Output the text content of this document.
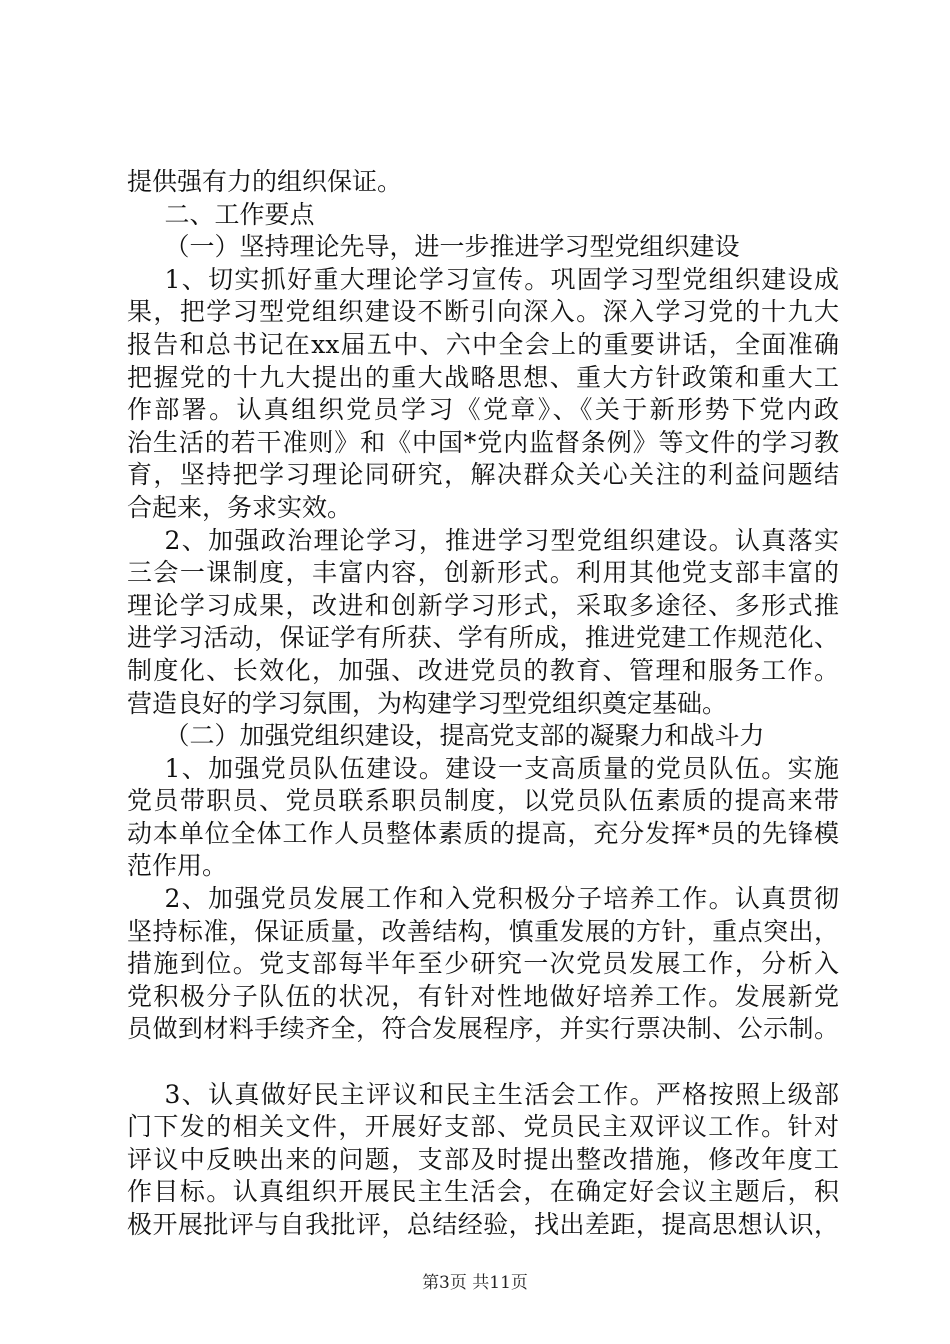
提供强有力的组织保证。
二、工作要点
（一）坚持理论先导，进一步推进学习型党组织建设
1、切实抓好重大理论学习宣传。巩固学习型党组织建设成
果，把学习型党组织建设不断引向深入。深入学习党的十九大
报告和总书记在xx届五中、六中全会上的重要讲话，全面准确
把握党的十九大提出的重大战略思想、重大方针政策和重大工
作部署。认真组织党员学习《党章》、《关于新形势下党内政
治生活的若干准则》和《中国*党内监督条例》等文件的学习教
育，坚持把学习理论同研究，解决群众关心关注的利益问题结
合起来，务求实效。
2、加强政治理论学习，推进学习型党组织建设。认真落实
三会一课制度，丰富内容，创新形式。利用其他党支部丰富的
理论学习成果，改进和创新学习形式，采取多途径、多形式推
进学习活动，保证学有所获、学有所成，推进党建工作规范化、
制度化、长效化，加强、改进党员的教育、管理和服务工作。
营造良好的学习氛围，为构建学习型党组织奠定基础。
（二）加强党组织建设，提高党支部的凝聚力和战斗力
1、加强党员队伍建设。建设一支高质量的党员队伍。实施
党员带职员、党员联系职员制度，以党员队伍素质的提高来带
动本单位全体工作人员整体素质的提高，充分发挥*员的先锋模
范作用。
2、加强党员发展工作和入党积极分子培养工作。认真贯彻
坚持标准，保证质量，改善结构，慎重发展的方针，重点突出，
措施到位。党支部每半年至少研究一次党员发展工作，分析入
党积极分子队伍的状况，有针对性地做好培养工作。发展新党
员做到材料手续齐全，符合发展程序，并实行票决制、公示制。
3、认真做好民主评议和民主生活会工作。严格按照上级部
门下发的相关文件，开展好支部、党员民主双评议工作。针对
评议中反映出来的问题，支部及时提出整改措施，修改年度工
作目标。认真组织开展民主生活会，在确定好会议主题后，积
极开展批评与自我批评，总结经验，找出差距，提高思想认识，
第3页 共11页
